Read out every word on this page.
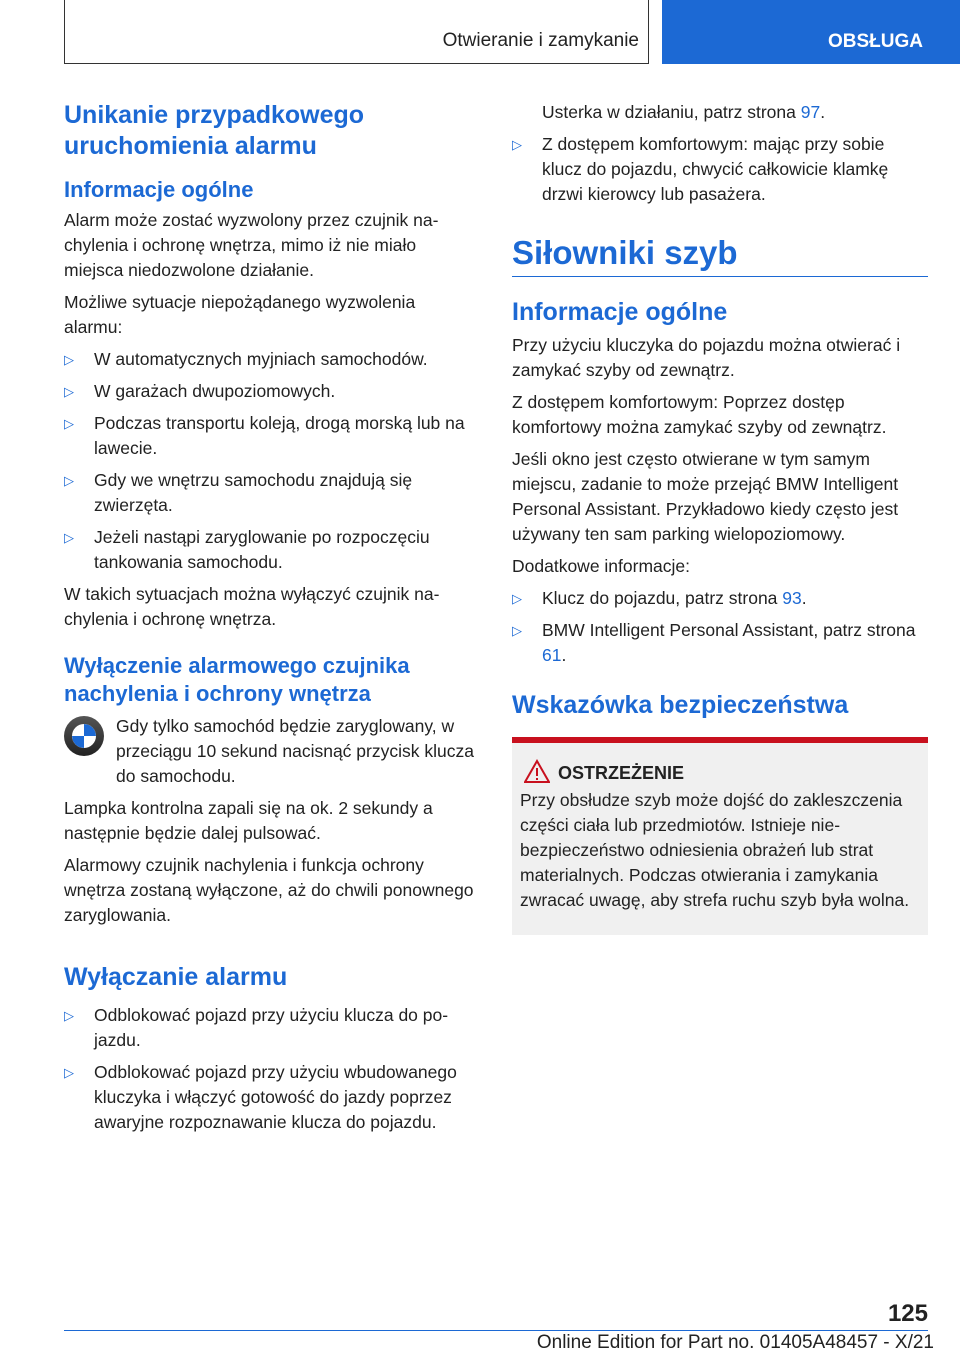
Otwieranie i zamykanie	OBSŁUGA
Unikanie przypadkowego uruchomienia alarmu
Informacje ogólne
Alarm może zostać wyzwolony przez czujnik nachylenia i ochronę wnętrza, mimo iż nie miało miejsca niedozwolone działanie.
Możliwe sytuacje niepożądanego wyzwolenia alarmu:
▷ W automatycznych myjniach samochodów.
▷ W garażach dwupoziomowych.
▷ Podczas transportu koleją, drogą morską lub na lawecie.
▷ Gdy we wnętrzu samochodu znajdują się zwierzęta.
▷ Jeżeli nastąpi zaryglowanie po rozpoczęciu tankowania samochodu.
W takich sytuacjach można wyłączyć czujnik nachylenia i ochronę wnętrza.
Wyłączenie alarmowego czujnika nachylenia i ochrony wnętrza
Gdy tylko samochód będzie zaryglowany, w przeciągu 10 sekund nacisnąć przycisk klucza do samochodu.
Lampka kontrolna zapali się na ok. 2 sekundy a następnie będzie dalej pulsować.
Alarmowy czujnik nachylenia i funkcja ochrony wnętrza zostaną wyłączone, aż do chwili ponownego zaryglowania.
Wyłączanie alarmu
▷ Odblokować pojazd przy użyciu klucza do pojazdu.
▷ Odblokować pojazd przy użyciu wbudowanego kluczyka i włączyć gotowość do jazdy poprzez awaryjne rozpoznawanie klucza do pojazdu.
Usterka w działaniu, patrz strona 97.
▷ Z dostępem komfortowym: mając przy sobie klucz do pojazdu, chwycić całkowicie klamkę drzwi kierowcy lub pasażera.
Siłowniki szyb
Informacje ogólne
Przy użyciu kluczyka do pojazdu można otwierać i zamykać szyby od zewnątrz.
Z dostępem komfortowym: Poprzez dostęp komfortowy można zamykać szyby od zewnątrz.
Jeśli okno jest często otwierane w tym samym miejscu, zadanie to może przejąć BMW Intelligent Personal Assistant. Przykładowo kiedy często jest używany ten sam parking wielopoziomowy.
Dodatkowe informacje:
▷ Klucz do pojazdu, patrz strona 93.
▷ BMW Intelligent Personal Assistant, patrz strona 61.
Wskazówka bezpieczeństwa
OSTRZEŻENIE
Przy obsłudze szyb może dojść do zakleszczenia części ciała lub przedmiotów. Istnieje niebezpieczeństwo odniesienia obrażeń lub strat materialnych. Podczas otwierania i zamykania zwracać uwagę, aby strefa ruchu szyb była wolna.
125
Online Edition for Part no. 01405A48457 - X/21
